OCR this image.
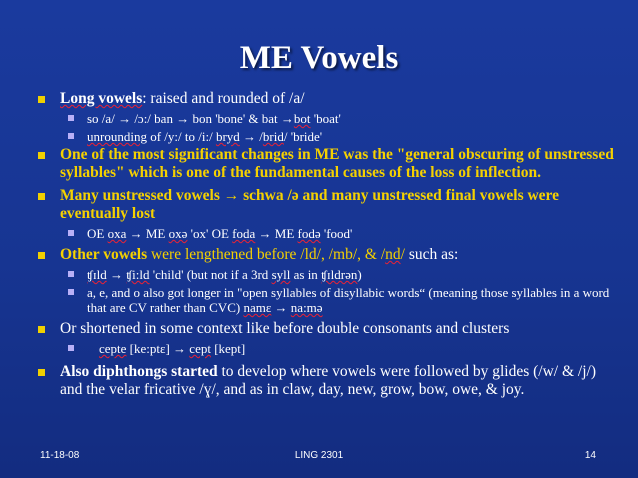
ME Vowels
Long vowels: raised and rounded of /a/
so /a/ → /ɔ:/ ban → bon 'bone' & bat →bot 'boat'
unrounding of /y:/ to /i:/ bryd → /brid/ 'bride'
One of the most significant changes in ME was the "general obscuring of unstressed syllables" which is one of the fundamental causes of the loss of inflection.
Many unstressed vowels → schwa /ə and many unstressed final vowels were eventually lost
OE oxa → ME oxə 'ox' OE foda → ME fodə 'food'
Other vowels were lengthened before /ld/, /mb/, & /nd/ such as:
ʧɪld → ʧi:ld 'child' (but not if a 3rd syll as in ʧɪldrən)
a, e, and o also got longer in "open syllables of disyllabic words“ (meaning those syllables in a word that are CV rather than CVC) namɛ → na:mə
Or shortened in some context like before double consonants and clusters
cepte [ke:ptɛ] → cept [kept]
Also diphthongs started to develop where vowels were followed by glides (/w/ & /j/) and the velar fricative /ɣ/, and as in claw, day, new, grow, bow, owe, & joy.
11-18-08	LING 2301	14
